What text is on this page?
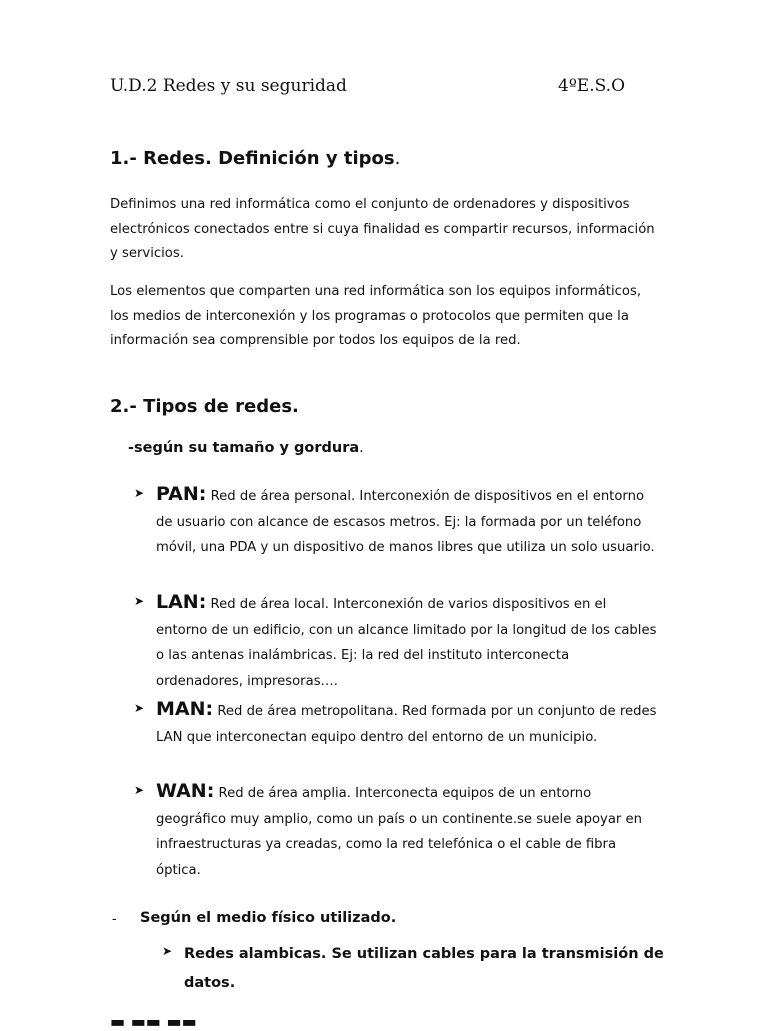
U.D.2 Redes y su seguridad	4ºE.S.O
1.- Redes. Definición y tipos.
Definimos una red informática como el conjunto de ordenadores y dispositivos electrónicos conectados entre si cuya finalidad es compartir recursos, información y servicios.
Los elementos que comparten una red informática son los equipos informáticos, los medios de interconexión y los programas o protocolos que permiten que la información sea comprensible por todos los equipos de la red.
2.- Tipos de redes.
-según su tamaño y gordura.
➤ PAN: Red de área personal. Interconexión de dispositivos en el entorno de usuario con alcance de escasos metros. Ej: la formada por un teléfono móvil, una PDA y un dispositivo de manos libres que utiliza un solo usuario.
➤ LAN: Red de área local. Interconexión de varios dispositivos en el entorno de un edificio, con un alcance limitado por la longitud de los cables o las antenas inalámbricas. Ej: la red del instituto interconecta ordenadores, impresoras….
➤ MAN: Red de área metropolitana. Red formada por un conjunto de redes LAN que interconectan equipo dentro del entorno de un municipio.
➤ WAN: Red de área amplia. Interconecta equipos de un entorno geográfico muy amplio, como un país o un continente.se suele apoyar en infraestructuras ya creadas, como la red telefónica o el cable de fibra óptica.
- Según el medio físico utilizado.
➤ Redes alambicas. Se utilizan cables para la transmisión de datos.
▬ ▬▬ ▬▬
